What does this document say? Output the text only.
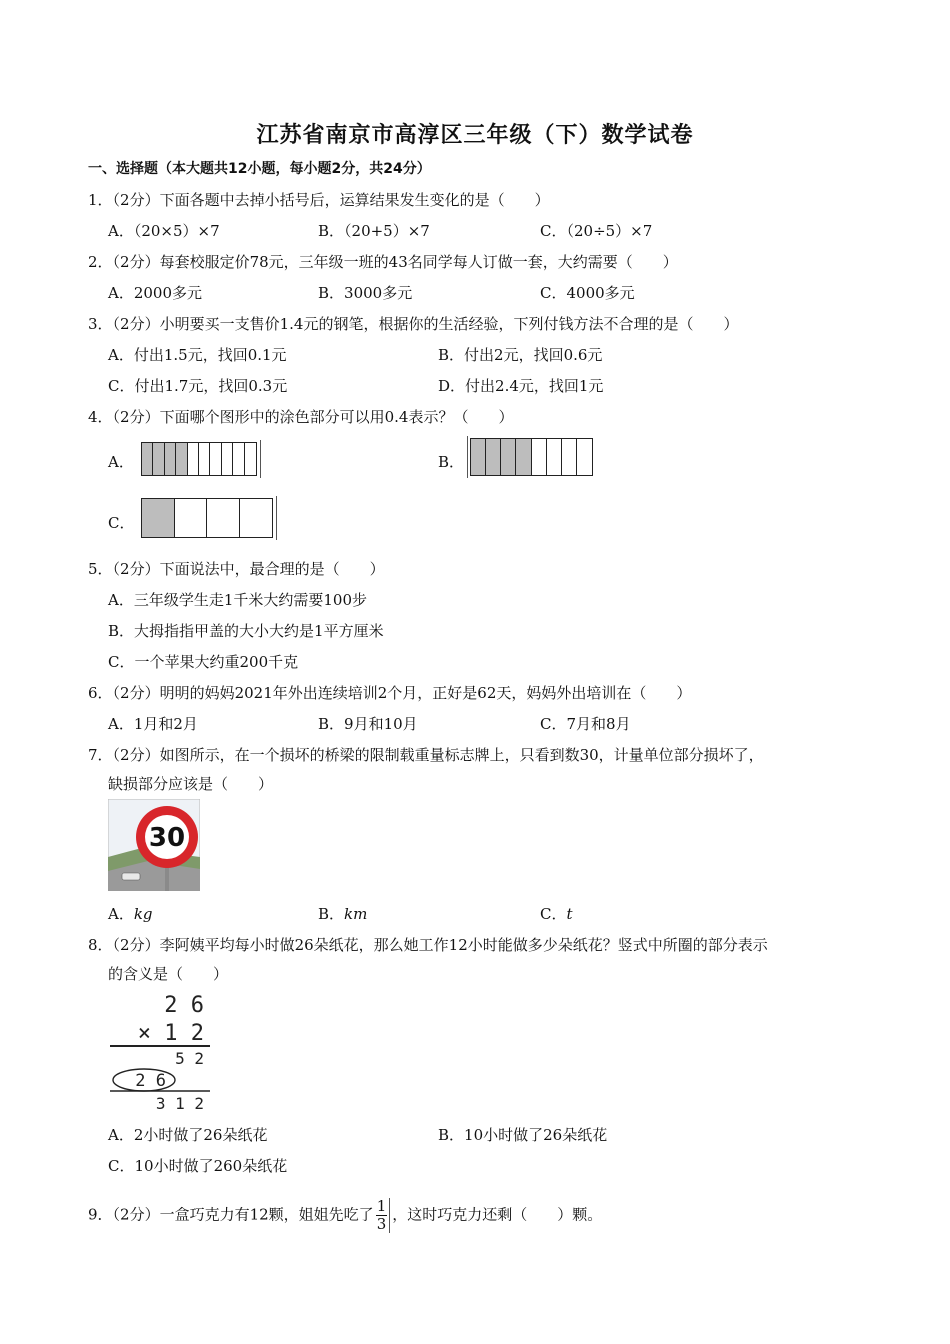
江苏省南京市高淳区三年级（下）数学试卷
一、选择题（本大题共12小题，每小题2分，共24分）
1．（2分）下面各题中去掉小括号后，运算结果发生变化的是（　　）
A．（20×5）×7	B．（20+5）×7	C．（20÷5）×7
2．（2分）每套校服定价78元，三年级一班的43名同学每人订做一套，大约需要（　　）
A．2000多元	B．3000多元	C．4000多元
3．（2分）小明要买一支售价1.4元的钢笔，根据你的生活经验，下列付钱方法不合理的是（　　）
A．付出1.5元，找回0.1元	B．付出2元，找回0.6元
C．付出1.7元，找回0.3元	D．付出2.4元，找回1元
4．（2分）下面哪个图形中的涂色部分可以用0.4表示？（　　）
A．	B．
C．
5．（2分）下面说法中，最合理的是（　　）
A．三年级学生走1千米大约需要100步
B．大拇指指甲盖的大小大约是1平方厘米
C．一个苹果大约重200千克
6．（2分）明明的妈妈2021年外出连续培训2个月，正好是62天，妈妈外出培训在（　　）
A．1月和2月	B．9月和10月	C．7月和8月
7．（2分）如图所示，在一个损坏的桥梁的限制载重量标志牌上，只看到数30，计量单位部分损坏了，
缺损部分应该是（　　）
30
A．kg	B．km	C．t
8．（2分）李阿姨平均每小时做26朵纸花，那么她工作12小时能做多少朵纸花？竖式中所圈的部分表示
的含义是（　　）
2 6
× 1 2
5 2
2 6
3 1 2
A．2小时做了26朵纸花	B．10小时做了26朵纸花
C．10小时做了260朵纸花
9．（2分）一盒巧克力有12颗，姐姐先吃了 $\frac{1}{3}$ ，这时巧克力还剩（　　）颗。
